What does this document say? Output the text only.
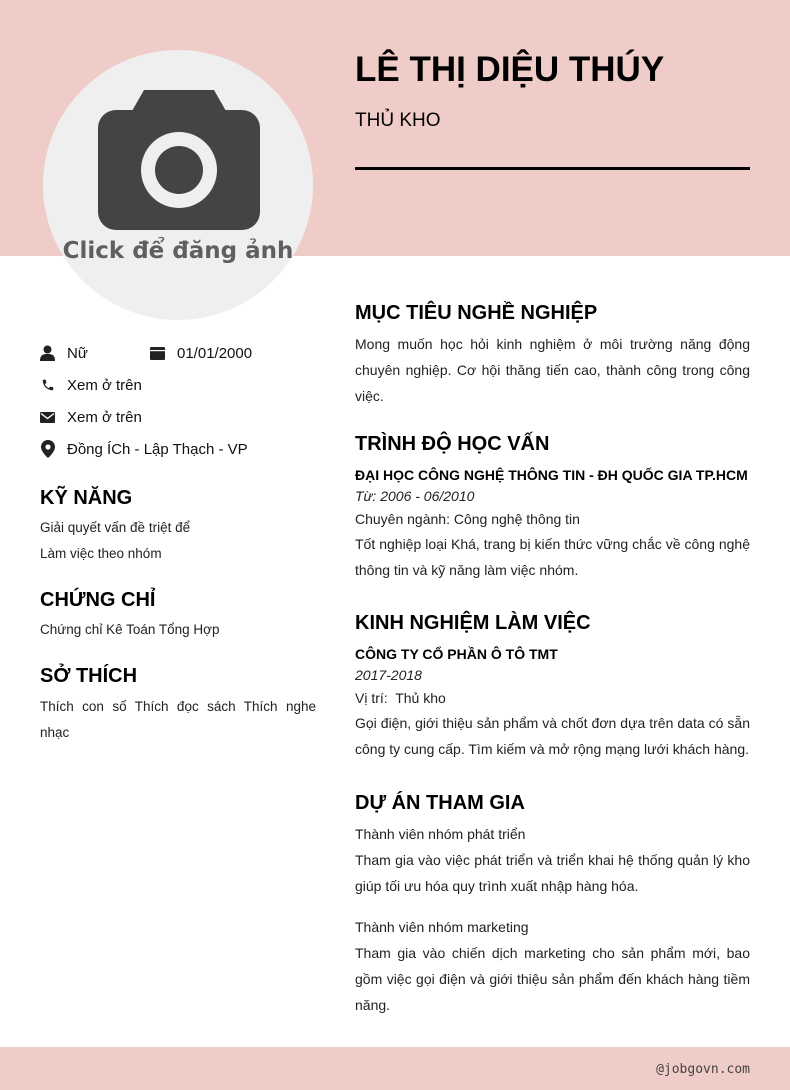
@jobgovn.com
Click để đăng ảnh
LÊ THỊ DIỆU THÚY
THỦ KHO
Nữ	01/01/2000
Xem ở trên
Xem ở trên
Đồng ÍCh - Lập Thạch - VP
KỸ NĂNG
Giải quyết vấn đề triệt để
Làm việc theo nhóm
CHỨNG CHỈ
Chứng chỉ Kê Toán Tổng Hợp
SỞ THÍCH
Thích con số Thích đọc sách Thích nghe nhạc
MỤC TIÊU NGHỀ NGHIỆP
Mong muốn học hỏi kinh nghiệm ở môi trường năng động chuyên nghiệp. Cơ hội thăng tiến cao, thành công trong công việc.
TRÌNH ĐỘ HỌC VẤN
ĐẠI HỌC CÔNG NGHỆ THÔNG TIN - ĐH QUỐC GIA TP.HCM
Từ: 2006 - 06/2010
Chuyên ngành: Công nghệ thông tin
Tốt nghiệp loại Khá, trang bị kiến thức vững chắc về công nghệ thông tin và kỹ năng làm việc nhóm.
KINH NGHIỆM LÀM VIỆC
CÔNG TY CỔ PHẦN Ô TÔ TMT
2017-2018
Vị trí:  Thủ kho
Gọi điện, giới thiệu sản phẩm và chốt đơn dựa trên data có sẵn công ty cung cấp. Tìm kiếm và mở rộng mạng lưới khách hàng.
DỰ ÁN THAM GIA
Thành viên nhóm phát triển
Tham gia vào việc phát triển và triển khai hệ thống quản lý kho giúp tối ưu hóa quy trình xuất nhập hàng hóa.
Thành viên nhóm marketing
Tham gia vào chiến dịch marketing cho sản phẩm mới, bao gồm việc gọi điện và giới thiệu sản phẩm đến khách hàng tiềm năng.
